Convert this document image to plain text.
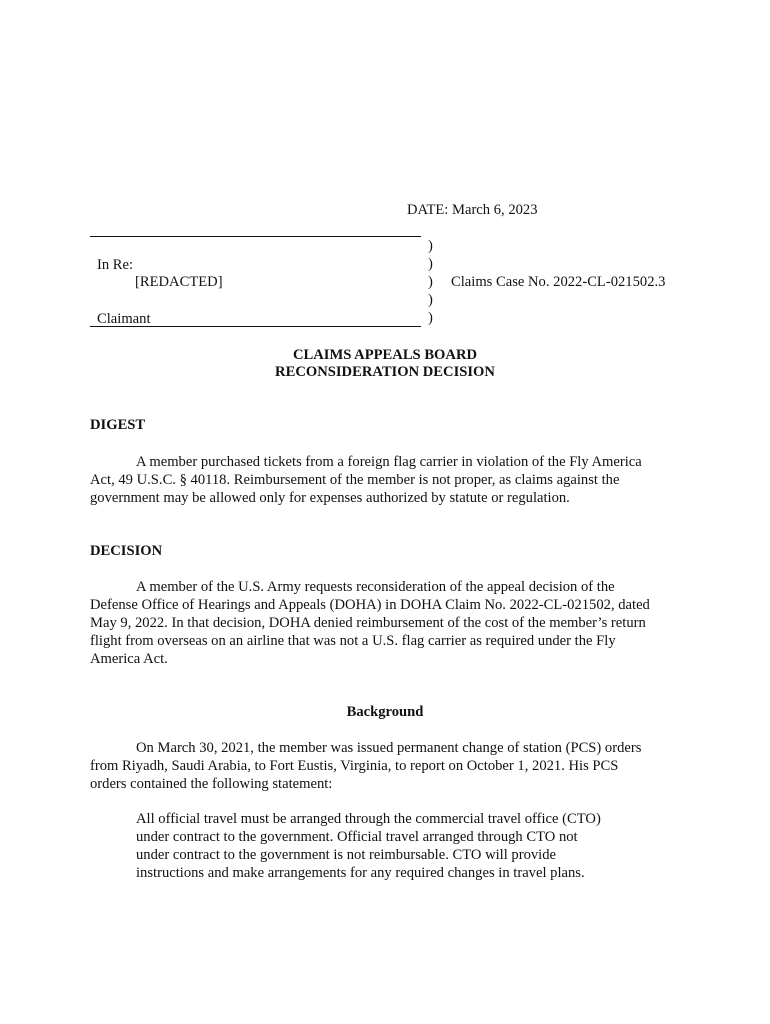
DATE: March 6, 2023
)
)
)
)
)
In Re:
[REDACTED]
Claimant
Claims Case No. 2022-CL-021502.3
CLAIMS APPEALS BOARD
RECONSIDERATION DECISION
DIGEST
A member purchased tickets from a foreign flag carrier in violation of the Fly America
Act, 49 U.S.C. § 40118. Reimbursement of the member is not proper, as claims against the
government may be allowed only for expenses authorized by statute or regulation.
DECISION
A member of the U.S. Army requests reconsideration of the appeal decision of the
Defense Office of Hearings and Appeals (DOHA) in DOHA Claim No. 2022-CL-021502, dated
May 9, 2022. In that decision, DOHA denied reimbursement of the cost of the member’s return
flight from overseas on an airline that was not a U.S. flag carrier as required under the Fly
America Act.
Background
On March 30, 2021, the member was issued permanent change of station (PCS) orders
from Riyadh, Saudi Arabia, to Fort Eustis, Virginia, to report on October 1, 2021. His PCS
orders contained the following statement:
All official travel must be arranged through the commercial travel office (CTO)
under contract to the government. Official travel arranged through CTO not
under contract to the government is not reimbursable. CTO will provide
instructions and make arrangements for any required changes in travel plans.
